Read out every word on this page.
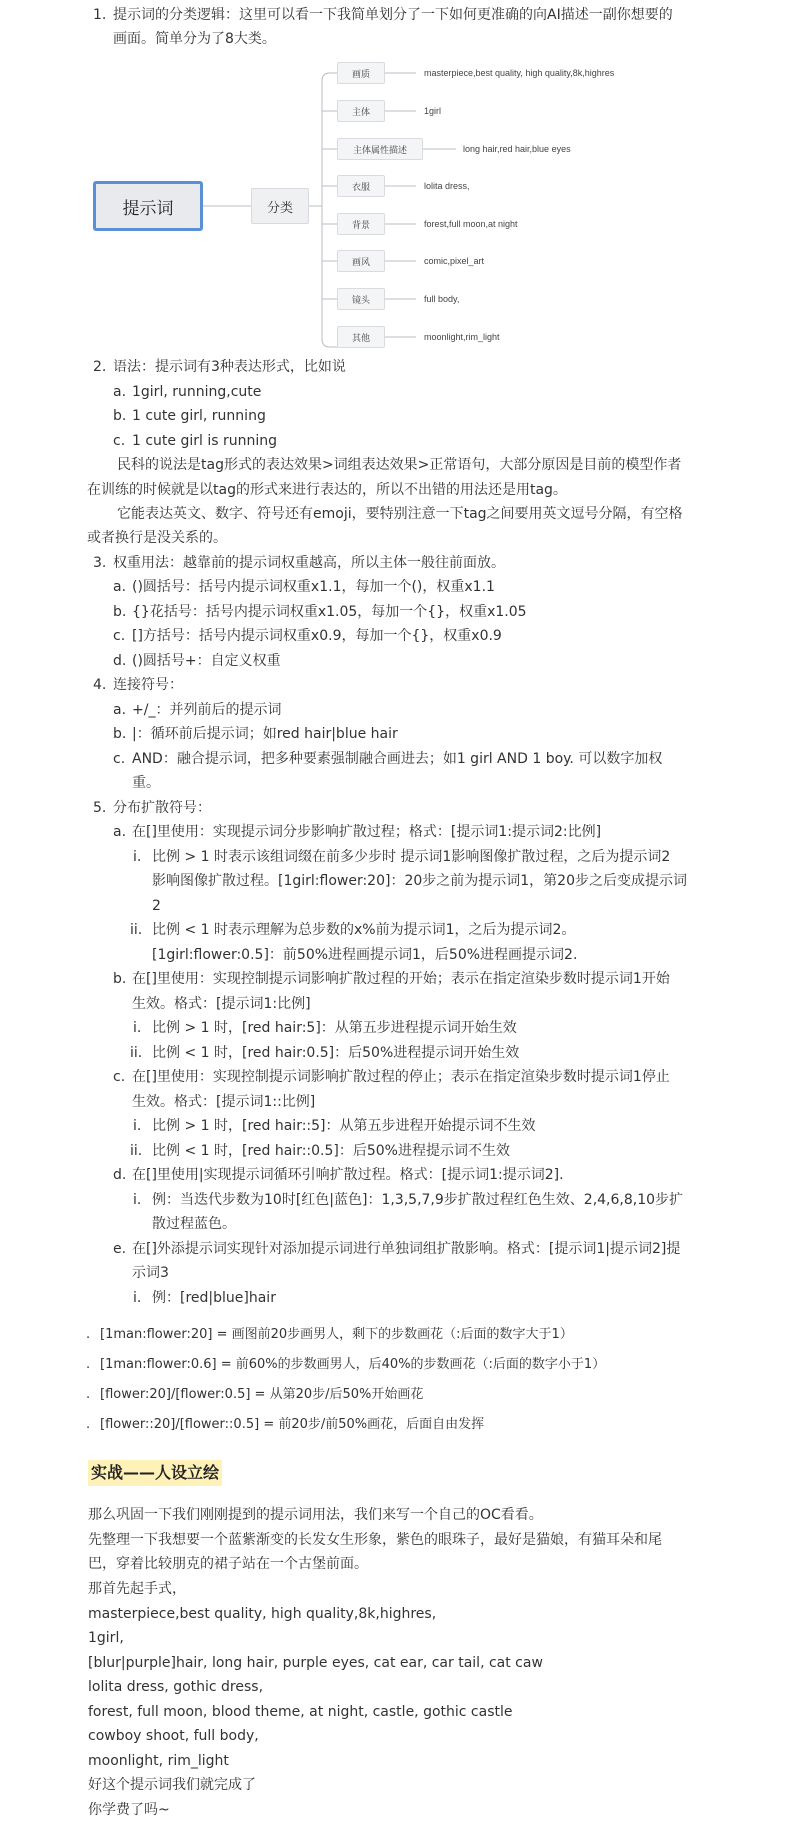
1. 提示词的分类逻辑：这里可以看一下我简单划分了一下如何更准确的向AI描述一副你想要的
画面。简单分为了8大类。
提示词	分类
画质	masterpiece,best quality, high quality,8k,highres
主体	1girl
主体属性描述	long hair,red hair,blue eyes
衣服	lolita dress,
背景	forest,full moon,at night
画风	comic,pixel_art
镜头	full body,
其他	moonlight,rim_light
2. 语法：提示词有3种表达形式，比如说
a. 1girl, running,cute
b. 1 cute girl, running
c. 1 cute girl is running
民科的说法是tag形式的表达效果>词组表达效果>正常语句，大部分原因是目前的模型作者
在训练的时候就是以tag的形式来进行表达的，所以不出错的用法还是用tag。
它能表达英文、数字、符号还有emoji，要特别注意一下tag之间要用英文逗号分隔，有空格
或者换行是没关系的。
3. 权重用法：越靠前的提示词权重越高，所以主体一般往前面放。
a. ()圆括号：括号内提示词权重x1.1，每加一个()，权重x1.1
b. {}花括号：括号内提示词权重x1.05，每加一个{}，权重x1.05
c. []方括号：括号内提示词权重x0.9，每加一个{}，权重x0.9
d. ()圆括号+：自定义权重
4. 连接符号：
a. +/_：并列前后的提示词
b. |：循环前后提示词；如red hair|blue hair
c. AND：融合提示词，把多种要素强制融合画进去；如1 girl AND 1 boy. 可以数字加权
重。
5. 分布扩散符号：
a. 在[]里使用：实现提示词分步影响扩散过程；格式：[提示词1:提示词2:比例]
i. 比例 > 1 时表示该组词缀在前多少步时 提示词1影响图像扩散过程，之后为提示词2
影响图像扩散过程。[1girl:flower:20]：20步之前为提示词1，第20步之后变成提示词
2
ii. 比例 < 1 时表示理解为总步数的x%前为提示词1，之后为提示词2。
[1girl:flower:0.5]：前50%进程画提示词1，后50%进程画提示词2.
b. 在[]里使用：实现控制提示词影响扩散过程的开始；表示在指定渲染步数时提示词1开始
生效。格式：[提示词1:比例]
i. 比例 > 1 时，[red hair:5]：从第五步进程提示词开始生效
ii. 比例 < 1 时，[red hair:0.5]：后50%进程提示词开始生效
c. 在[]里使用：实现控制提示词影响扩散过程的停止；表示在指定渲染步数时提示词1停止
生效。格式：[提示词1::比例]
i. 比例 > 1 时，[red hair::5]：从第五步进程开始提示词不生效
ii. 比例 < 1 时，[red hair::0.5]：后50%进程提示词不生效
d. 在[]里使用|实现提示词循环引响扩散过程。格式：[提示词1:提示词2].
i. 例：当迭代步数为10时[红色|蓝色]：1,3,5,7,9步扩散过程红色生效、2,4,6,8,10步扩
散过程蓝色。
e. 在[]外添提示词实现针对添加提示词进行单独词组扩散影响。格式：[提示词1|提示词2]提
示词3
i. 例：[red|blue]hair
. [1man:flower:20] = 画图前20步画男人，剩下的步数画花（:后面的数字大于1）
. [1man:flower:0.6] = 前60%的步数画男人，后40%的步数画花（:后面的数字小于1）
. [flower:20]/[flower:0.5] = 从第20步/后50%开始画花
. [flower::20]/[flower::0.5] = 前20步/前50%画花，后面自由发挥
实战——人设立绘
那么巩固一下我们刚刚提到的提示词用法，我们来写一个自己的OC看看。
先整理一下我想要一个蓝紫渐变的长发女生形象，紫色的眼珠子，最好是猫娘，有猫耳朵和尾
巴，穿着比较朋克的裙子站在一个古堡前面。
那首先起手式，
masterpiece,best quality, high quality,8k,highres,
1girl,
[blur|purple]hair, long hair, purple eyes, cat ear, car tail, cat caw
lolita dress, gothic dress,
forest, full moon, blood theme, at night, castle, gothic castle
cowboy shoot, full body,
moonlight, rim_light
好这个提示词我们就完成了
你学费了吗~
